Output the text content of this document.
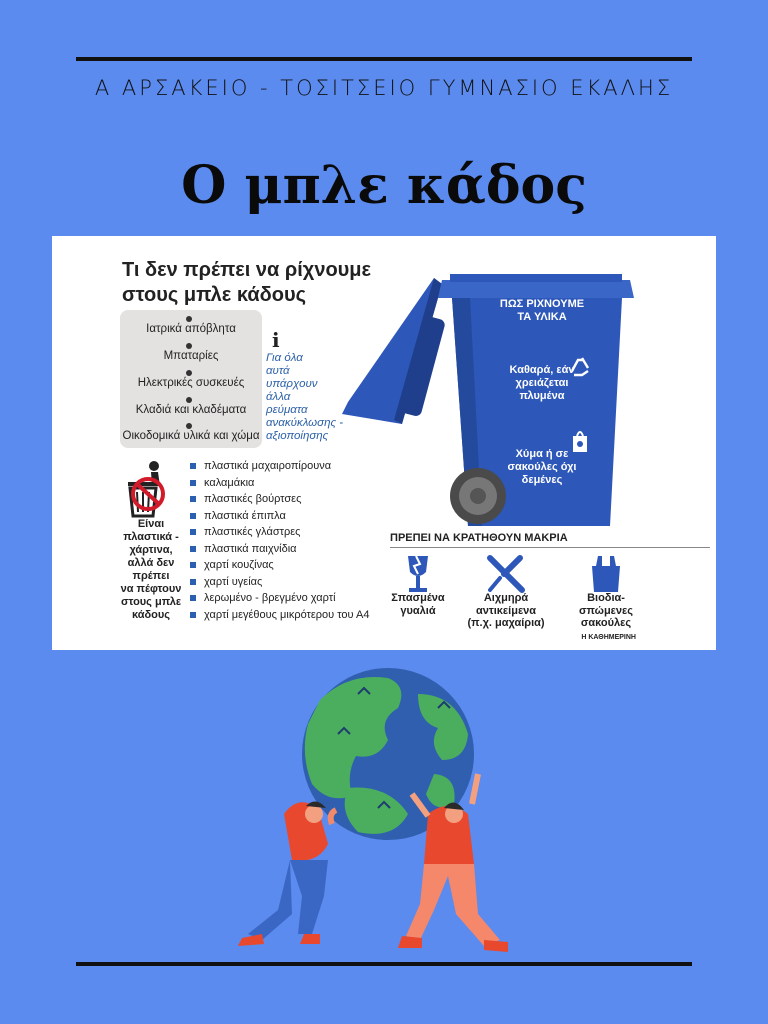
Α ΑΡΣΑΚΕΙΟ - ΤΟΣΙΤΣΕΙΟ ΓΥΜΝΑΣΙΟ ΕΚΑΛΗΣ
Ο μπλε κάδος
Τι δεν πρέπει να ρίχνουμε
στους μπλε κάδους
Ιατρικά απόβλητα
Μπαταρίες
Ηλεκτρικές συσκευές
Κλαδιά και κλαδέματα
Οικοδομικά υλικά και χώμα
i
Για όλα
αυτά
υπάρχουν
άλλα
ρεύματα
ανακύκλωσης -
αξιοποίησης
Είναι
πλαστικά -
χάρτινα,
αλλά δεν
πρέπει
να πέφτουν
στους μπλε
κάδους
πλαστικά μαχαιροπίρουνα
καλαμάκια
πλαστικές βούρτσες
πλαστικά έπιπλα
πλαστικές γλάστρες
πλαστικά παιχνίδια
χαρτί κουζίνας
χαρτί υγείας
λερωμένο - βρεγμένο χαρτί
χαρτί μεγέθους μικρότερου του Α4
ΠΩΣ ΡΙΧΝΟΥΜΕ
ΤΑ ΥΛΙΚΑ
Καθαρά, εάν
χρειάζεται
πλυμένα
Χύμα ή σε
σακούλες όχι
δεμένες
ΠΡΕΠΕΙ ΝΑ ΚΡΑΤΗΘΟΥΝ ΜΑΚΡΙΑ
Σπασμένα
γυαλιά
Αιχμηρά
αντικείμενα
(π.χ. μαχαίρια)
Βιοδια-
σπώμενες
σακούλες
Η ΚΑΘΗΜΕΡΙΝΗ
